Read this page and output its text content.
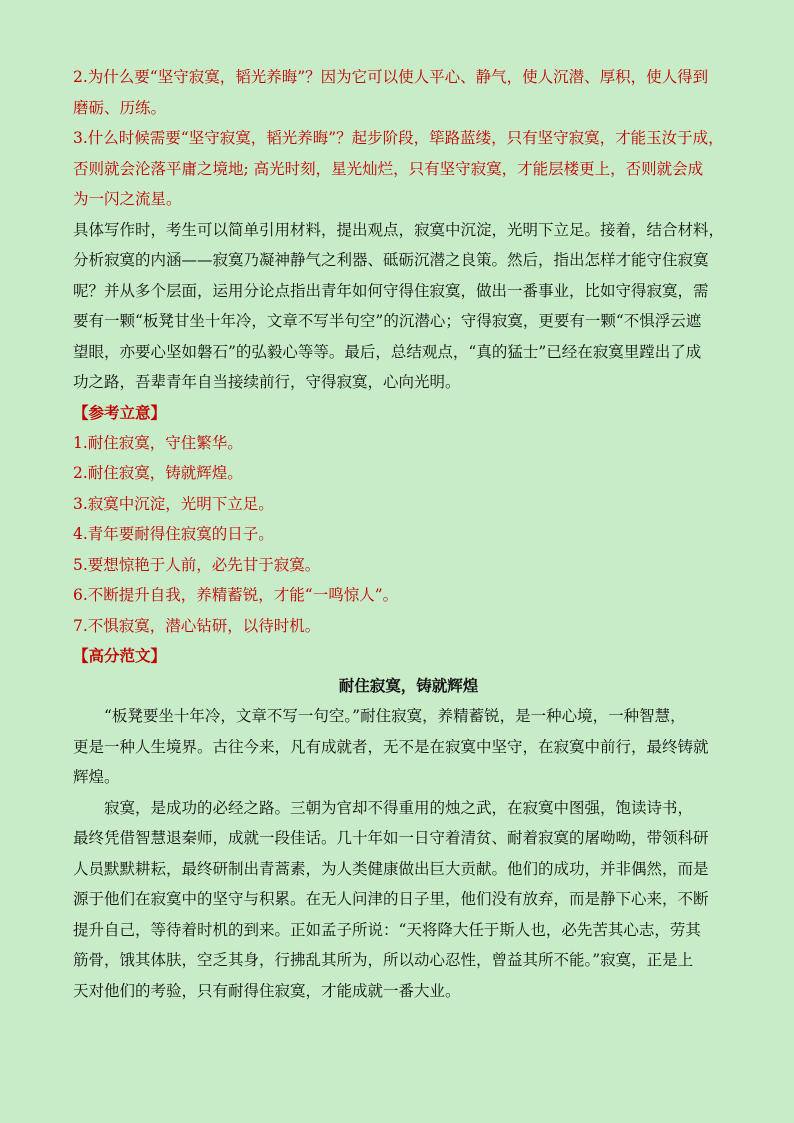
2.为什么要“坚守寂寞，韬光养晦”？因为它可以使人平心、静气，使人沉潜、厚积，使人得到

磨砺、历练。

3.什么时候需要“坚守寂寞，韬光养晦”？起步阶段，筚路蓝缕，只有坚守寂寞，才能玉汝于成，

否则就会沦落平庸之境地; 高光时刻，星光灿烂，只有坚守寂寞，才能层楼更上，否则就会成

为一闪之流星。

具体写作时，考生可以简单引用材料，提出观点，寂寞中沉淀，光明下立足。接着，结合材料，

分析寂寞的内涵——寂寞乃凝神静气之利器、砥砺沉潜之良策。然后，指出怎样才能守住寂寞

呢？并从多个层面，运用分论点指出青年如何守得住寂寞，做出一番事业，比如守得寂寞，需

要有一颗“板凳甘坐十年冷，文章不写半句空”的沉潜心；守得寂寞，更要有一颗“不惧浮云遮

望眼，亦要心坚如磐石”的弘毅心等等。最后，总结观点，“真的猛士”已经在寂寞里蹚出了成

功之路，吾辈青年自当接续前行，守得寂寞，心向光明。

【参考立意】

1.耐住寂寞，守住繁华。

2.耐住寂寞，铸就辉煌。

3.寂寞中沉淀，光明下立足。

4.青年要耐得住寂寞的日子。

5.要想惊艳于人前，必先甘于寂寞。

6.不断提升自我，养精蓄锐，才能“一鸣惊人”。

7.不惧寂寞，潜心钻研，以待时机。

【高分范文】

耐住寂寞，铸就辉煌

“板凳要坐十年冷，文章不写一句空。”耐住寂寞，养精蓄锐，是一种心境，一种智慧，

更是一种人生境界。古往今来，凡有成就者，无不是在寂寞中坚守，在寂寞中前行，最终铸就

辉煌。

寂寞，是成功的必经之路。三朝为官却不得重用的烛之武，在寂寞中图强，饱读诗书，

最终凭借智慧退秦师，成就一段佳话。几十年如一日守着清贫、耐着寂寞的屠呦呦，带领科研

人员默默耕耘，最终研制出青蒿素，为人类健康做出巨大贡献。他们的成功，并非偶然，而是

源于他们在寂寞中的坚守与积累。在无人问津的日子里，他们没有放弃，而是静下心来，不断

提升自己，等待着时机的到来。正如孟子所说：“天将降大任于斯人也，必先苦其心志，劳其

筋骨，饿其体肤，空乏其身，行拂乱其所为，所以动心忍性，曾益其所不能。”寂寞，正是上

天对他们的考验，只有耐得住寂寞，才能成就一番大业。
